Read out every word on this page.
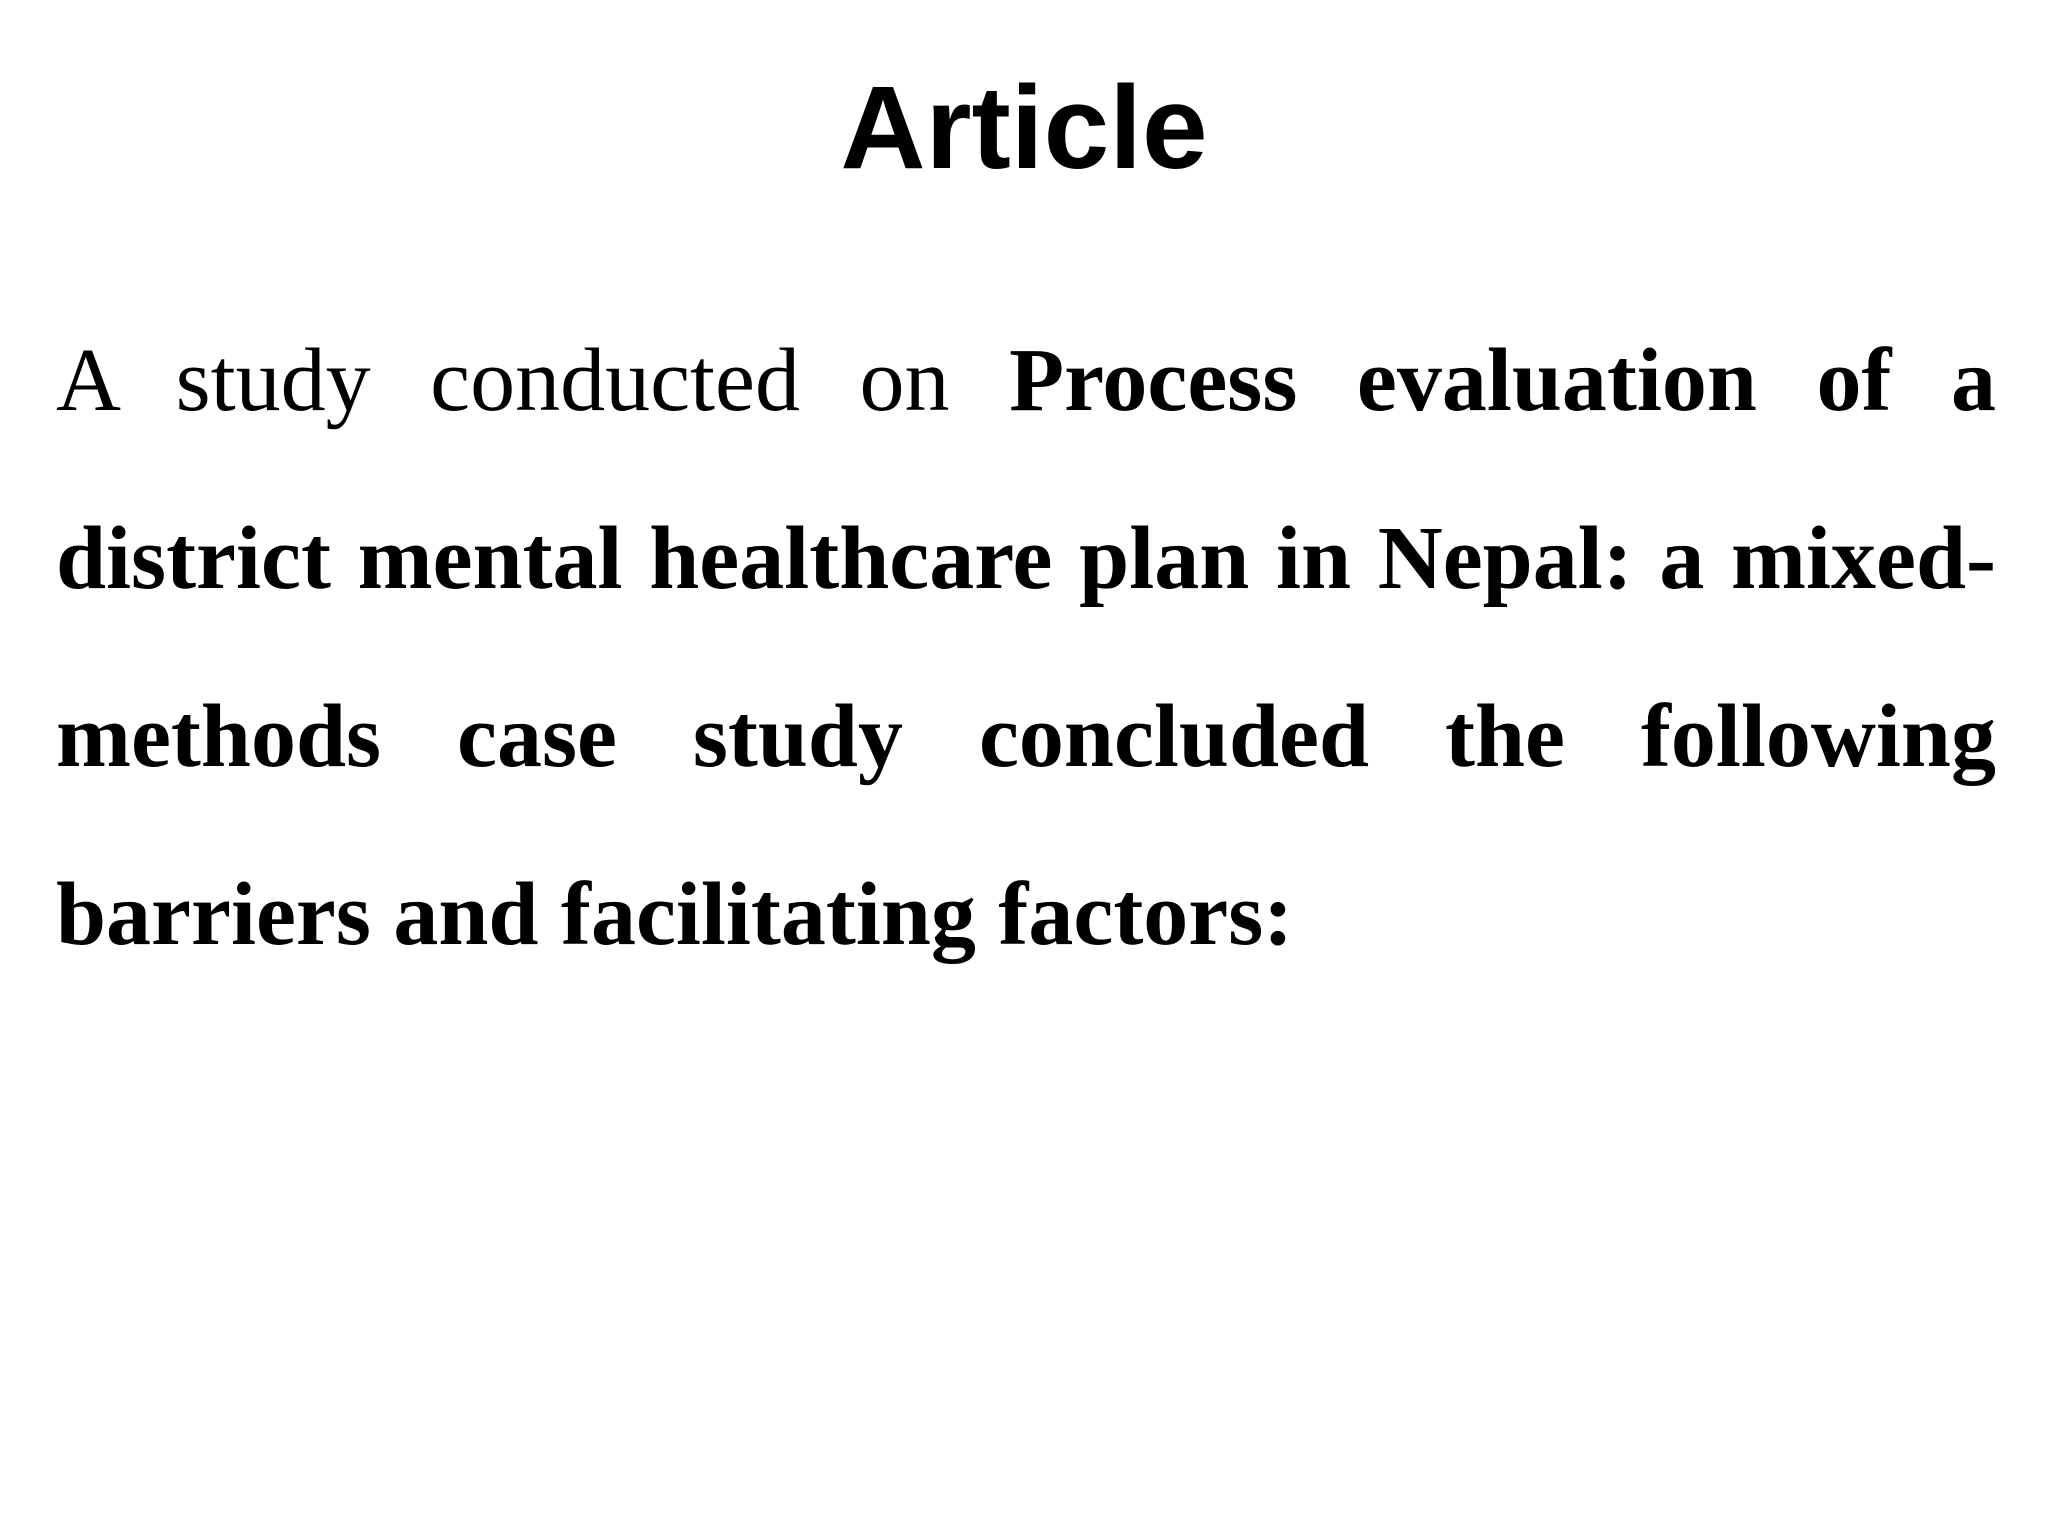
Article

A study conducted on Process evaluation of a district mental healthcare plan in Nepal: a mixed-methods case study concluded the following barriers and facilitating factors:
